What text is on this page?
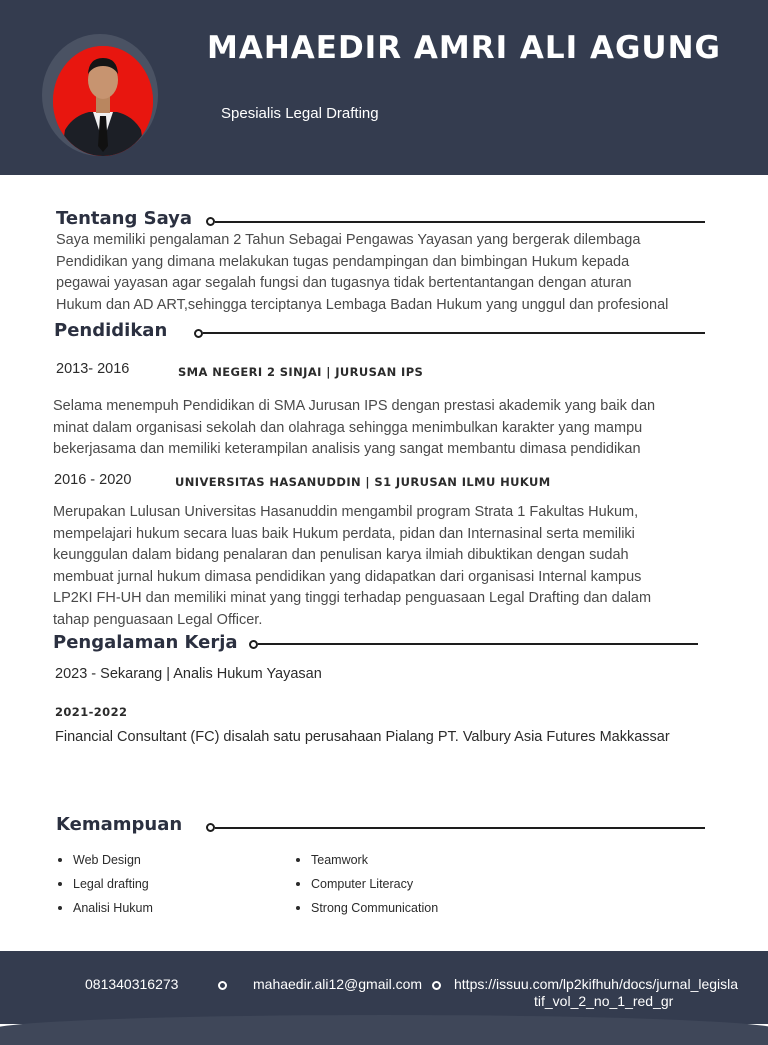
MAHAEDIR AMRI ALI AGUNG
Spesialis Legal Drafting
Tentang Saya
Saya memiliki pengalaman 2 Tahun Sebagai Pengawas Yayasan yang bergerak dilembaga
Pendidikan yang dimana melakukan tugas pendampingan dan bimbingan Hukum kepada
pegawai yayasan agar segalah fungsi dan tugasnya tidak bertentantangan dengan aturan
Hukum dan AD ART,sehingga terciptanya Lembaga Badan Hukum yang unggul dan profesional
Pendidikan
2013- 2016	SMA NEGERI 2 SINJAI | JURUSAN IPS
Selama menempuh Pendidikan di SMA Jurusan IPS dengan prestasi akademik yang baik dan
minat dalam organisasi sekolah dan olahraga sehingga menimbulkan karakter yang mampu
bekerjasama dan memiliki keterampilan analisis yang sangat membantu dimasa pendidikan
2016 - 2020	UNIVERSITAS HASANUDDIN | S1 JURUSAN ILMU HUKUM
Merupakan Lulusan Universitas Hasanuddin mengambil program Strata 1 Fakultas Hukum,
mempelajari hukum secara luas baik Hukum perdata, pidan dan Internasinal serta memiliki
keunggulan dalam bidang penalaran dan penulisan karya ilmiah dibuktikan dengan sudah
membuat jurnal hukum dimasa pendidikan yang didapatkan dari organisasi Internal kampus
LP2KI FH-UH dan memiliki minat yang tinggi terhadap penguasaan Legal Drafting dan dalam
tahap penguasaan Legal Officer.
Pengalaman Kerja
2023 - Sekarang | Analis Hukum Yayasan
2021-2022
Financial Consultant (FC) disalah satu perusahaan Pialang PT. Valbury Asia Futures Makkassar
Kemampuan
Web Design
Legal drafting
Analisi Hukum
Teamwork
Computer Literacy
Strong Communication
081340316273	mahaedir.ali12@gmail.com https://issuu.com/lp2kifhuh/docs/jurnal_legisla
tif_vol_2_no_1_red_gr
